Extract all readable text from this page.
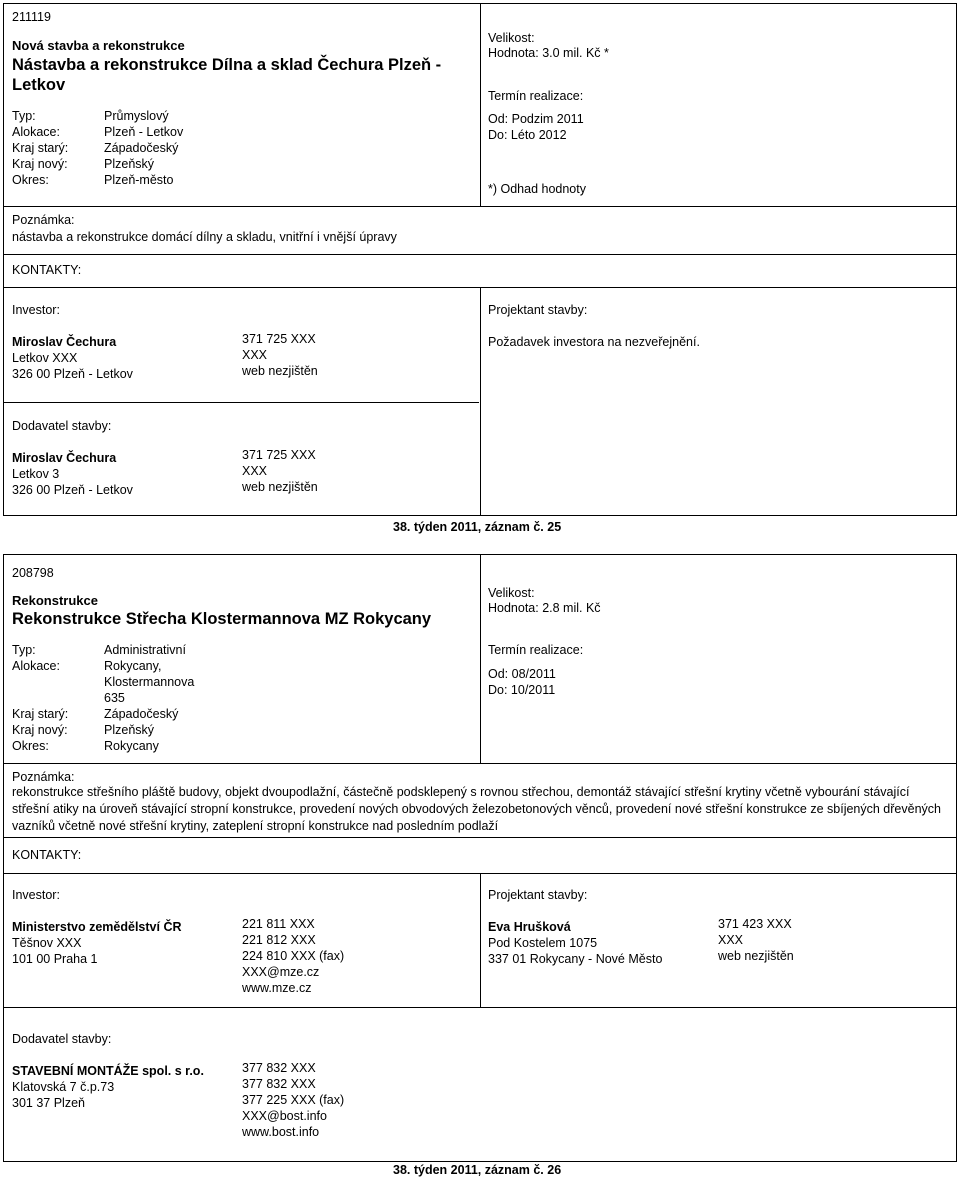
211119
Nová stavba a rekonstrukce
Nástavba a rekonstrukce Dílna a sklad Čechura Plzeň - Letkov
Typ:	Průmyslový
Alokace:	Plzeň - Letkov
Kraj starý:	Západočeský
Kraj nový:	Plzeňský
Okres:	Plzeň-město
Velikost:
Hodnota: 3.0 mil. Kč *
Termín realizace:
Od: Podzim 2011
Do: Léto 2012
*) Odhad hodnoty
Poznámka:
nástavba a rekonstrukce domácí dílny a skladu, vnitřní i vnější úpravy
KONTAKTY:
Investor:
Miroslav Čechura
Letkov XXX
326 00 Plzeň - Letkov
371 725 XXX
XXX
web nezjištěn
Projektant stavby:
Požadavek investora na nezveřejnění.
Dodavatel stavby:
Miroslav Čechura
Letkov 3
326 00 Plzeň - Letkov
371 725 XXX
XXX
web nezjištěn
38. týden 2011, záznam č. 25
208798
Rekonstrukce
Rekonstrukce Střecha Klostermannova MZ Rokycany
Typ:	Administrativní
Alokace:	Rokycany,
Klostermannova
635
Kraj starý:	Západočeský
Kraj nový:	Plzeňský
Okres:	Rokycany
Velikost:
Hodnota: 2.8 mil. Kč
Termín realizace:
Od: 08/2011
Do: 10/2011
Poznámka:
rekonstrukce střešního pláště budovy, objekt dvoupodlažní, částečně podsklepený s rovnou střechou, demontáž stávající střešní krytiny včetně vybourání stávající střešní atiky na úroveň stávající stropní konstrukce, provedení nových obvodových železobetonových věnců, provedení nové střešní konstrukce ze sbíjených dřevěných vazníků včetně nové střešní krytiny, zateplení stropní konstrukce nad posledním podlaží
KONTAKTY:
Investor:
Ministerstvo zemědělství ČR
Těšnov XXX
101 00 Praha 1
221 811 XXX
221 812 XXX
224 810 XXX (fax)
XXX@mze.cz
www.mze.cz
Projektant stavby:
Eva Hrušková
Pod Kostelem 1075
337 01 Rokycany - Nové Město
371 423 XXX
XXX
web nezjištěn
Dodavatel stavby:
STAVEBNÍ MONTÁŽE spol. s r.o.
Klatovská 7 č.p.73
301 37 Plzeň
377 832 XXX
377 832 XXX
377 225 XXX (fax)
XXX@bost.info
www.bost.info
38. týden 2011, záznam č. 26
